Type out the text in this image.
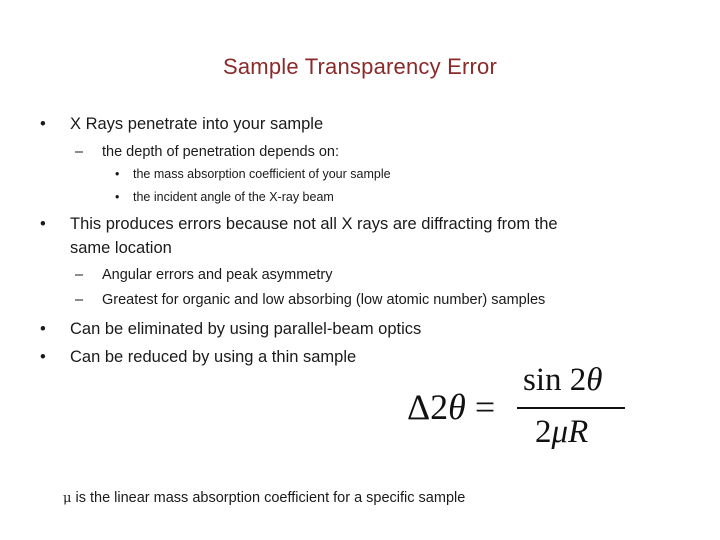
Sample Transparency Error
• X Rays penetrate into your sample
– the depth of penetration depends on:
• the mass absorption coefficient of your sample
• the incident angle of the X-ray beam
• This produces errors because not all X rays are diffracting from the
same location
– Angular errors and peak asymmetry
– Greatest for organic and low absorbing (low atomic number) samples
• Can be eliminated by using parallel-beam optics
• Can be reduced by using a thin sample
Δ2θ =
sin 2θ
2μR
μ is the linear mass absorption coefficient for a specific sample
